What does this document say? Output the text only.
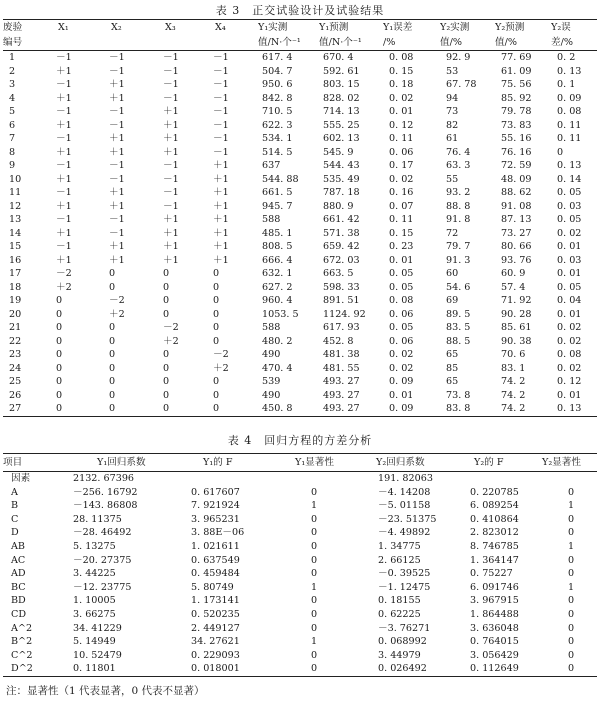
表 3　正交试验设计及试验结果
废验	X₁	X₂	X₃	X₄	Y₁实测	Y₁预测	Y₁误差	Y₂实测	Y₂预测	Y₂误
编号					值/N·个⁻¹	值/N·个⁻¹	/%	值/%	值/%	差/%
1	－1	－1	－1	－1	617. 4	670. 4	0. 08	92. 9	77. 69	0. 2
2	＋1	－1	－1	－1	504. 7	592. 61	0. 15	53	61. 09	0. 13
3	－1	＋1	－1	－1	950. 6	803. 15	0. 18	67. 78	75. 56	0. 1
4	＋1	＋1	－1	－1	842. 8	828. 02	0. 02	94	85. 92	0. 09
5	－1	－1	＋1	－1	710. 5	714. 13	0. 01	73	79. 78	0. 08
6	＋1	－1	＋1	－1	622. 3	555. 25	0. 12	82	73. 83	0. 11
7	－1	＋1	＋1	－1	534. 1	602. 13	0. 11	61	55. 16	0. 11
8	＋1	＋1	＋1	－1	514. 5	545. 9	0. 06	76. 4	76. 16	0
9	－1	－1	－1	＋1	637	544. 43	0. 17	63. 3	72. 59	0. 13
10	＋1	－1	－1	＋1	544. 88	535. 49	0. 02	55	48. 09	0. 14
11	－1	＋1	－1	＋1	661. 5	787. 18	0. 16	93. 2	88. 62	0. 05
12	＋1	＋1	－1	＋1	945. 7	880. 9	0. 07	88. 8	91. 08	0. 03
13	－1	－1	＋1	＋1	588	661. 42	0. 11	91. 8	87. 13	0. 05
14	＋1	－1	＋1	＋1	485. 1	571. 38	0. 15	72	73. 27	0. 02
15	－1	＋1	＋1	＋1	808. 5	659. 42	0. 23	79. 7	80. 66	0. 01
16	＋1	＋1	＋1	＋1	666. 4	672. 03	0. 01	91. 3	93. 76	0. 03
17	－2	0	0	0	632. 1	663. 5	0. 05	60	60. 9	0. 01
18	＋2	0	0	0	627. 2	598. 33	0. 05	54. 6	57. 4	0. 05
19	0	－2	0	0	960. 4	891. 51	0. 08	69	71. 92	0. 04
20	0	＋2	0	0	1053. 5	1124. 92	0. 06	89. 5	90. 28	0. 01
21	0	0	－2	0	588	617. 93	0. 05	83. 5	85. 61	0. 02
22	0	0	＋2	0	480. 2	452. 8	0. 06	88. 5	90. 38	0. 02
23	0	0	0	－2	490	481. 38	0. 02	65	70. 6	0. 08
24	0	0	0	＋2	470. 4	481. 55	0. 02	85	83. 1	0. 02
25	0	0	0	0	539	493. 27	0. 09	65	74. 2	0. 12
26	0	0	0	0	490	493. 27	0. 01	73. 8	74. 2	0. 01
27	0	0	0	0	450. 8	493. 27	0. 09	83. 8	74. 2	0. 13
表 4　回归方程的方差分析
项目	Y₁回归系数	Y₁的 F	Y₁显著性	Y₂回归系数	Y₂的 F	Y₂显著性
因素	2132. 67396			191. 82063		
A	－256. 16792	0. 617607	0	－4. 14208	0. 220785	0
B	－143. 86808	7. 921924	1	－5. 01158	6. 089254	1
C	28. 11375	3. 965231	0	－23. 51375	0. 410864	0
D	－28. 46492	3. 88E－06	0	－4. 49892	2. 823012	0
AB	5. 13275	1. 021611	0	1. 34775	8. 746785	1
AC	－20. 27375	0. 637549	0	2. 66125	1. 364147	0
AD	3. 44225	0. 459484	0	－0. 39525	0. 75227	0
BC	－12. 23775	5. 80749	1	－1. 12475	6. 091746	1
BD	1. 10005	1. 173141	0	0. 18155	3. 967915	0
CD	3. 66275	0. 520235	0	0. 62225	1. 864488	0
A^2	34. 41229	2. 449127	0	－3. 76271	3. 636048	0
B^2	5. 14949	34. 27621	1	0. 068992	0. 764015	0
C^2	10. 52479	0. 229093	0	3. 44979	3. 056429	0
D^2	0. 11801	0. 018001	0	0. 026492	0. 112649	0
注：显著性（1 代表显著，0 代表不显著）
